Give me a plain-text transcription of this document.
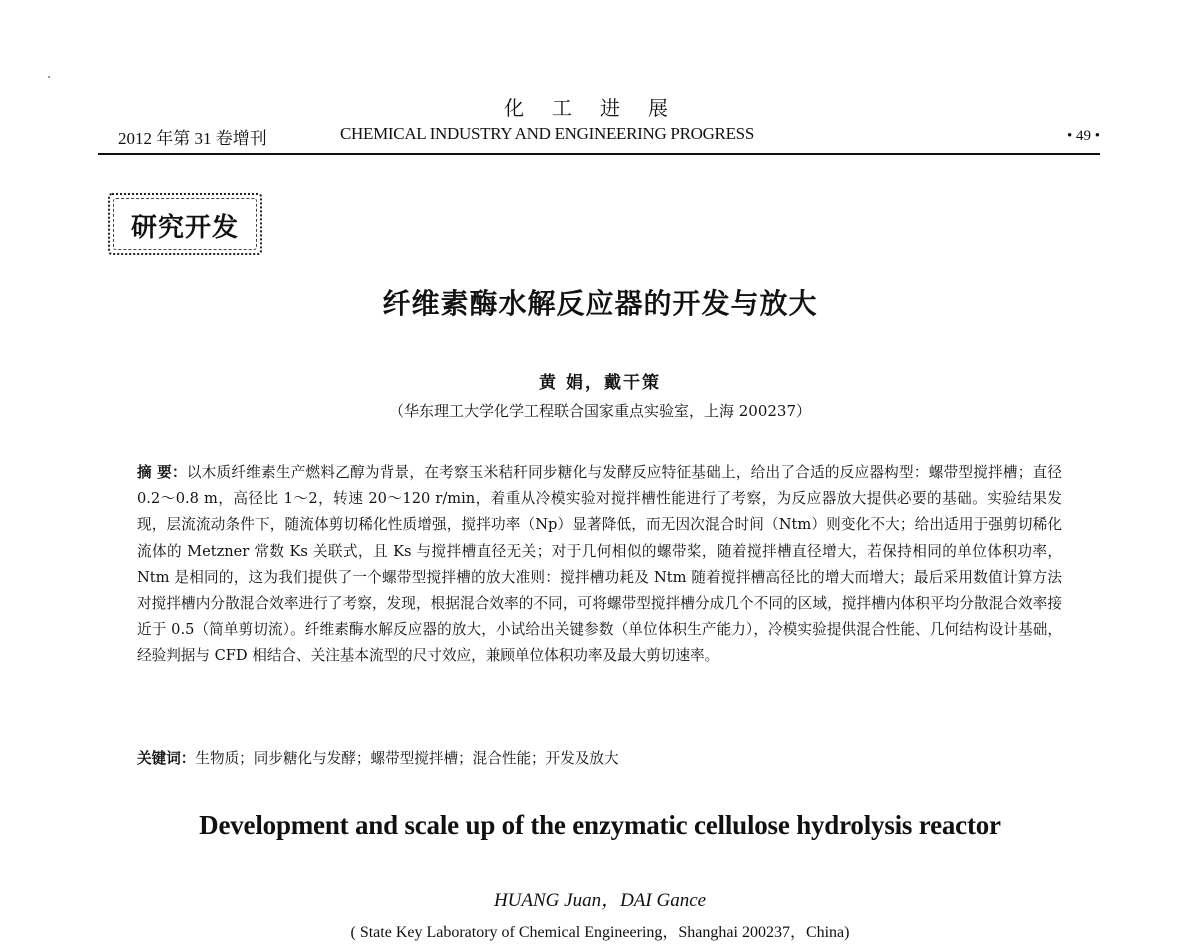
化工进展
2012 年第 31 卷增刊	CHEMICAL INDUSTRY AND ENGINEERING PROGRESS	• 49 •
研究开发
纤维素酶水解反应器的开发与放大
黄 娟，戴干策
（华东理工大学化学工程联合国家重点实验室，上海 200237）
摘 要：以木质纤维素生产燃料乙醇为背景，在考察玉米秸秆同步糖化与发酵反应特征基础上，给出了合适的反应器构型：螺带型搅拌槽；直径 0.2～0.8 m，高径比 1～2，转速 20～120 r/min，着重从冷模实验对搅拌槽性能进行了考察，为反应器放大提供必要的基础。实验结果发现，层流流动条件下，随流体剪切稀化性质增强，搅拌功率（Np）显著降低，而无因次混合时间（Ntm）则变化不大；给出适用于强剪切稀化流体的 Metzner 常数 Ks 关联式，且 Ks 与搅拌槽直径无关；对于几何相似的螺带桨，随着搅拌槽直径增大，若保持相同的单位体积功率，Ntm 是相同的，这为我们提供了一个螺带型搅拌槽的放大准则：搅拌槽功耗及 Ntm 随着搅拌槽高径比的增大而增大；最后采用数值计算方法对搅拌槽内分散混合效率进行了考察，发现，根据混合效率的不同，可将螺带型搅拌槽分成几个不同的区域，搅拌槽内体积平均分散混合效率接近于 0.5（简单剪切流）。纤维素酶水解反应器的放大，小试给出关键参数（单位体积生产能力），冷模实验提供混合性能、几何结构设计基础，经验判据与 CFD 相结合、关注基本流型的尺寸效应，兼顾单位体积功率及最大剪切速率。
关键词：生物质；同步糖化与发酵；螺带型搅拌槽；混合性能；开发及放大
Development and scale up of the enzymatic cellulose hydrolysis reactor
HUANG Juan，DAI Gance
( State Key Laboratory of Chemical Engineering，Shanghai 200237，China)
